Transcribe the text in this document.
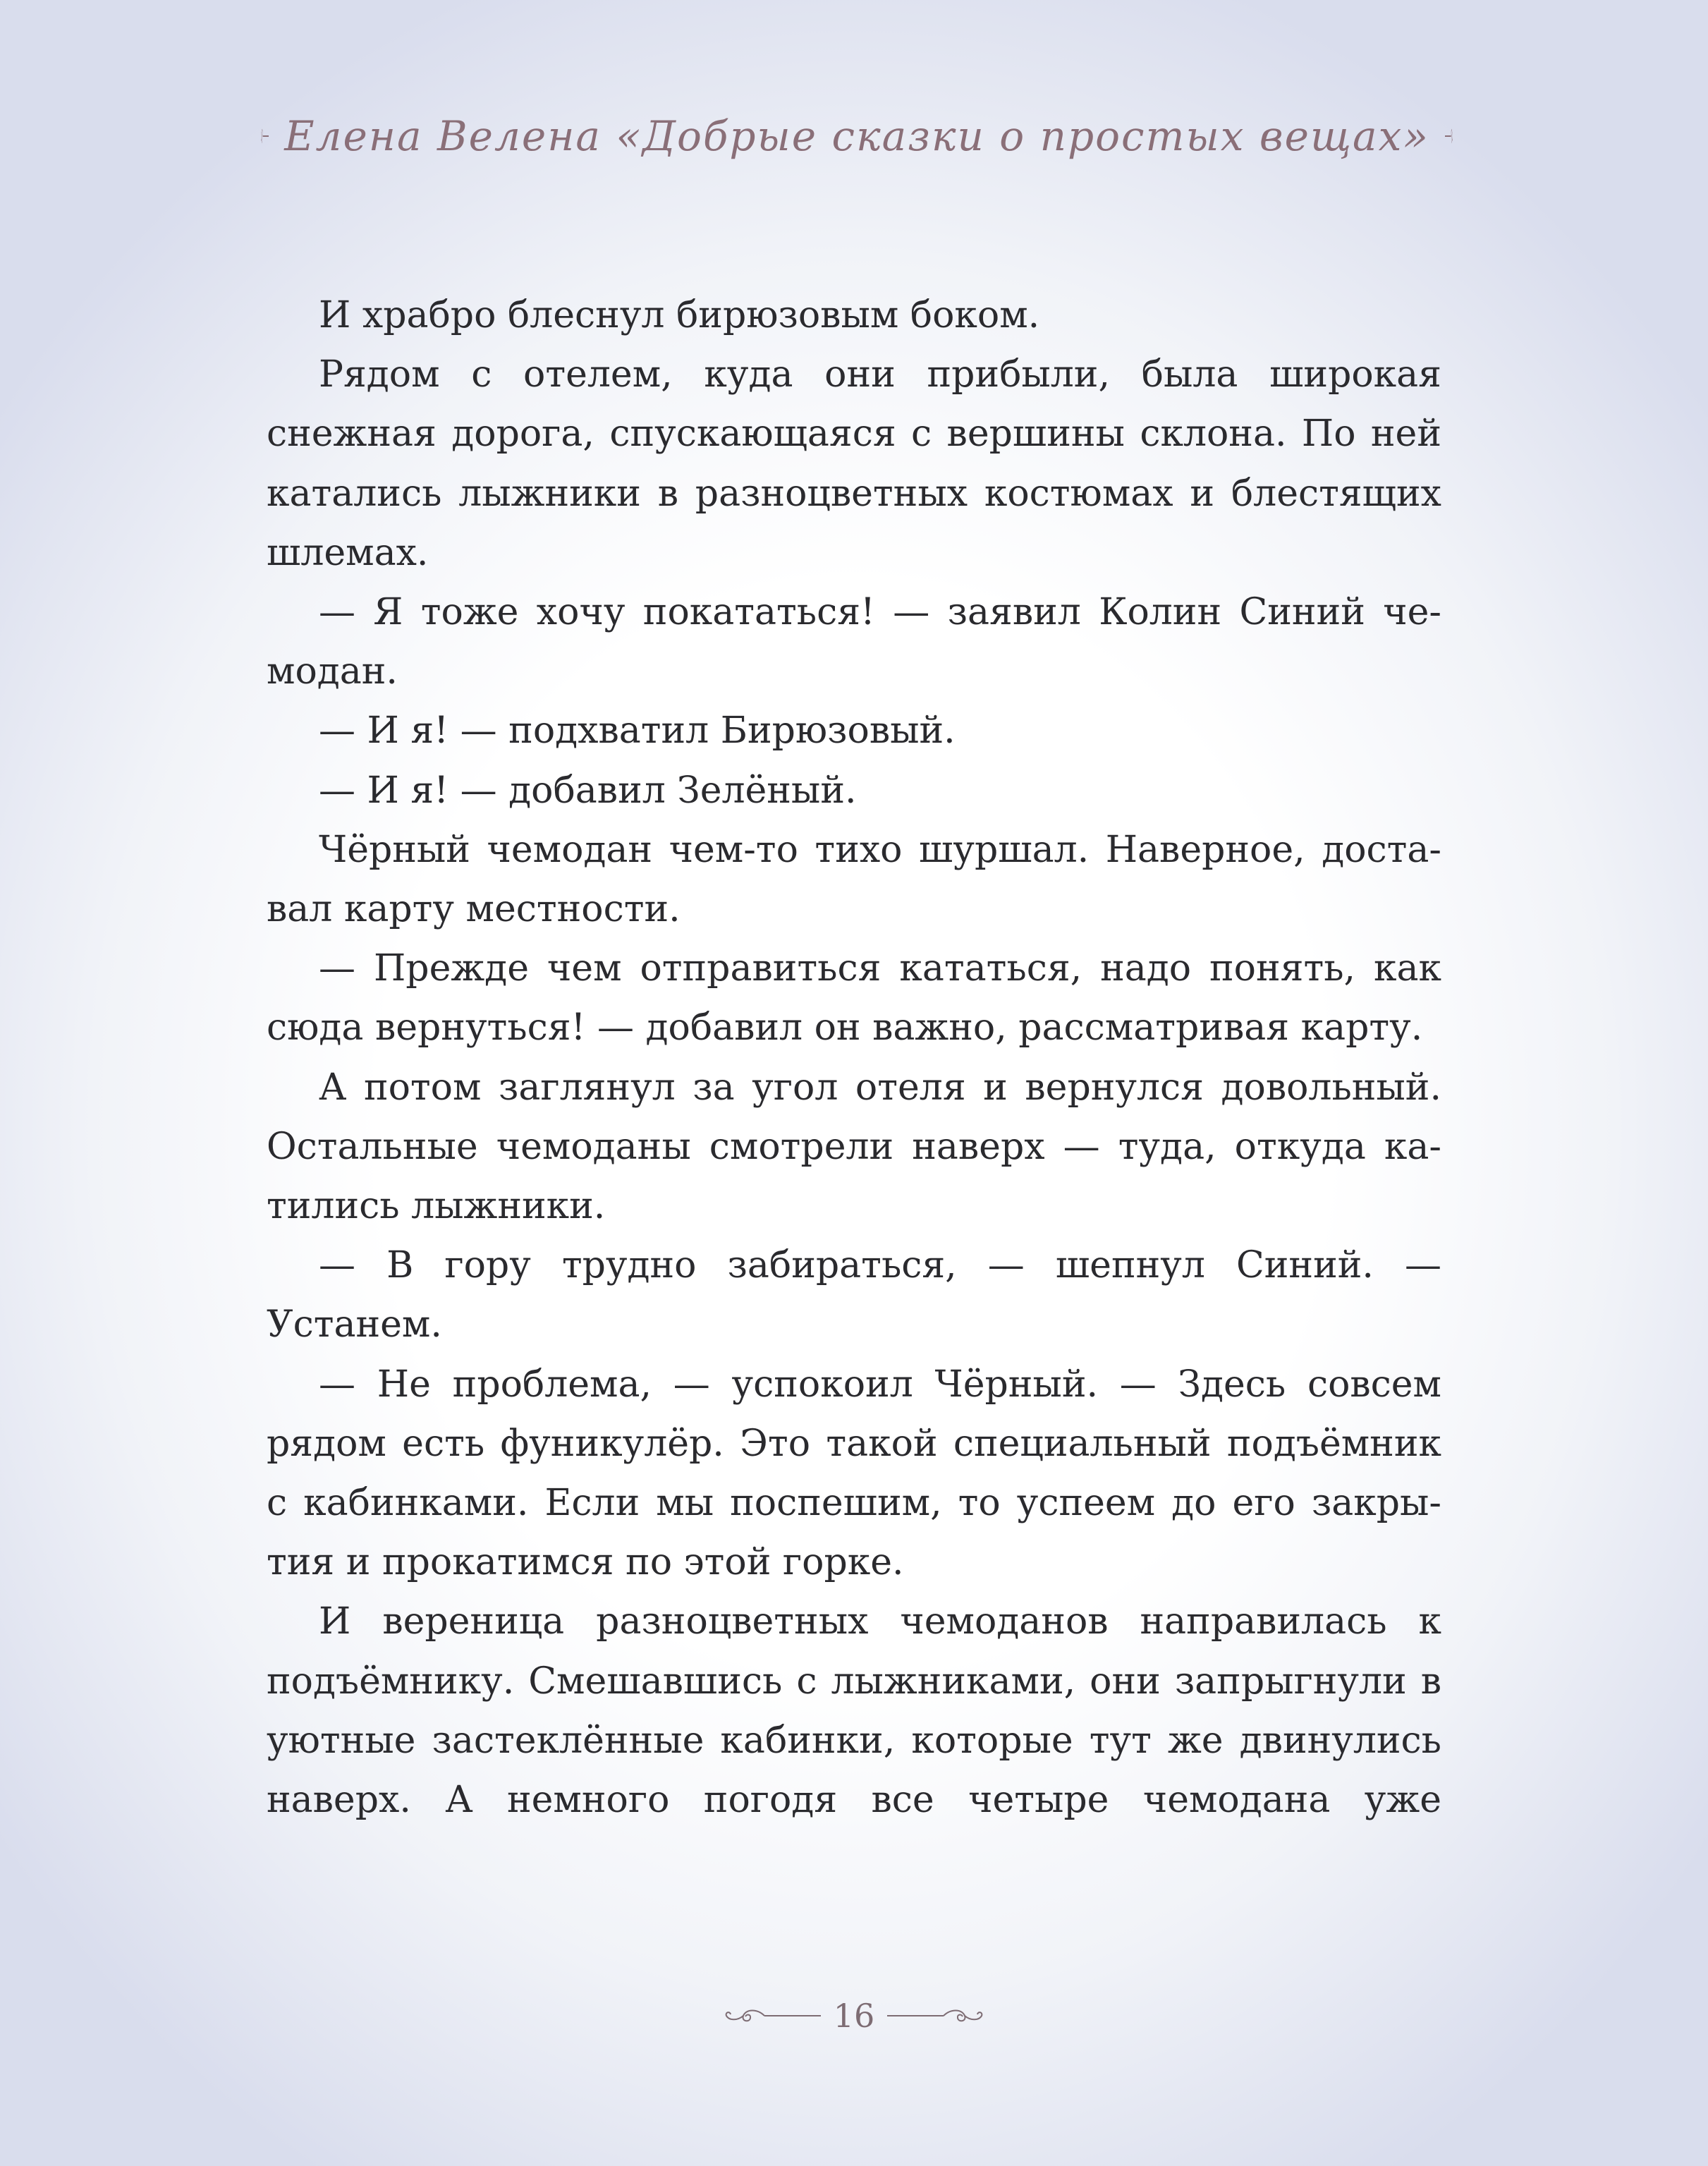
Елена Велена «Добрые сказки о простых вещах»

И храбро блеснул бирюзовым боком.

Рядом с отелем, куда они прибыли, была широкая снежная дорога, спускающаяся с вершины склона. По ней катались лыжники в разноцветных костюмах и блестящих шлемах.

— Я тоже хочу покататься! — заявил Колин Синий чемодан.

— И я! — подхватил Бирюзовый.

— И я! — добавил Зелёный.

Чёрный чемодан чем-то тихо шуршал. Наверное, доставал карту местности.

— Прежде чем отправиться кататься, надо понять, как сюда вернуться! — добавил он важно, рассматривая карту.

А потом заглянул за угол отеля и вернулся довольный. Остальные чемоданы смотрели наверх — туда, откуда катились лыжники.

— В гору трудно забираться, — шепнул Синий. — Устанем.

— Не проблема, — успокоил Чёрный. — Здесь совсем рядом есть фуникулёр. Это такой специальный подъёмник с кабинками. Если мы поспешим, то успеем до его закрытия и прокатимся по этой горке.

И вереница разноцветных чемоданов направилась к подъёмнику. Смешавшись с лыжниками, они запрыгнули в уютные застеклённые кабинки, которые тут же двинулись наверх. А немного погодя все четыре чемодана уже

16
